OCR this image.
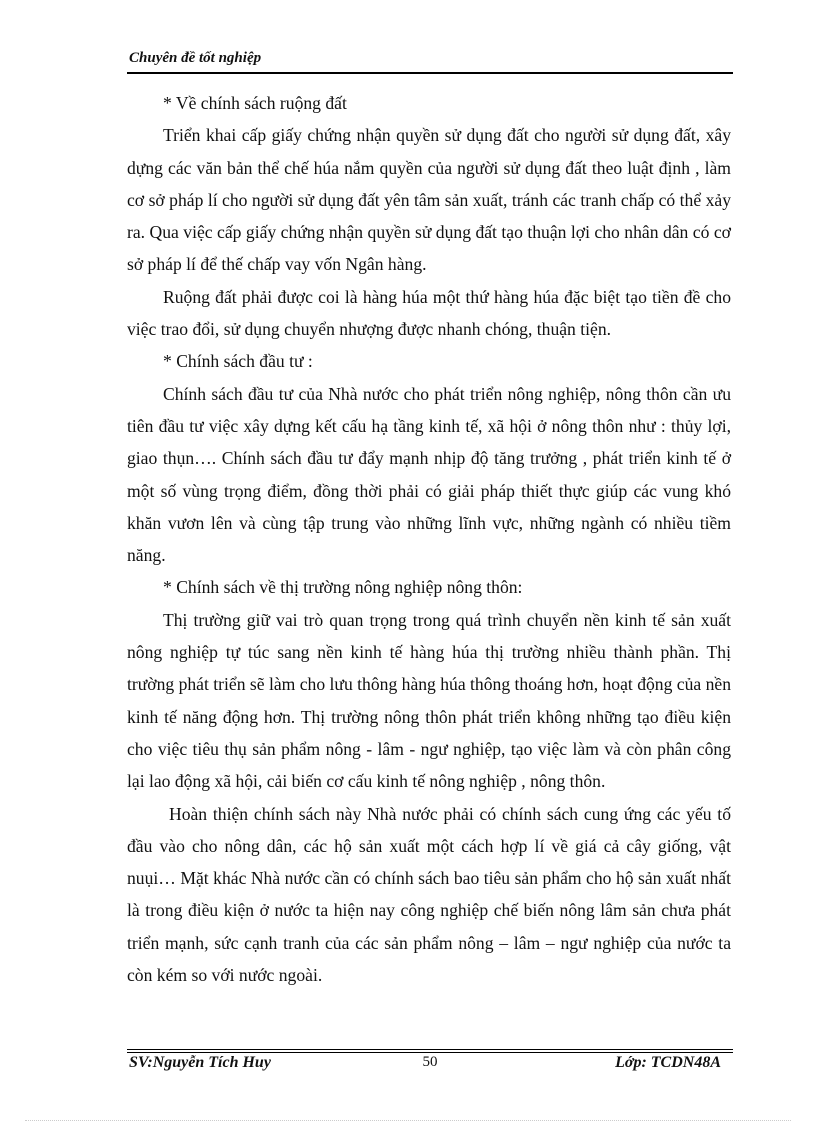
Chuyên đề tốt nghiệp

* Về chính sách ruộng đất

Triển khai cấp giấy chứng nhận quyền sử dụng đất cho người sử dụng đất, xây dựng các văn bản thể chế húa nắm quyền của người sử dụng đất theo luật định , làm cơ sở pháp lí cho người sử dụng đất yên tâm sản xuất, tránh các tranh chấp có thể xảy ra. Qua việc cấp giấy chứng nhận quyền sử dụng đất tạo thuận lợi cho nhân dân có cơ sở pháp lí để thế chấp vay vốn Ngân hàng.

Ruộng đất phải được coi là hàng húa một thứ hàng húa đặc biệt tạo tiền đề cho việc trao đổi, sử dụng chuyển nhượng được nhanh chóng, thuận tiện.

* Chính sách đầu tư :

Chính sách đầu tư của Nhà nước cho phát triển nông nghiệp, nông thôn cần ưu tiên đầu tư việc xây dựng kết cấu hạ tầng kinh tế, xã hội ở nông thôn như : thủy lợi, giao thụn…. Chính sách đầu tư đẩy mạnh nhịp độ tăng trưởng , phát triển kinh tế ở một số vùng trọng điểm, đồng thời phải có giải pháp thiết thực giúp các vung khó khăn vươn lên và cùng tập trung vào những lĩnh vực, những ngành có nhiều tiềm năng.

* Chính sách về thị trường nông nghiệp nông thôn:

Thị trường giữ vai trò quan trọng trong quá trình chuyển nền kinh tế sản xuất nông nghiệp tự túc sang nền kinh tế hàng húa thị trường nhiều thành phần. Thị trường phát triển sẽ làm cho lưu thông hàng húa thông thoáng hơn, hoạt động của nền kinh tế năng động hơn. Thị trường nông thôn phát triển không những tạo điều kiện cho việc tiêu thụ sản phẩm nông - lâm - ngư nghiệp, tạo việc làm và còn phân công lại lao động xã hội, cải biến cơ cấu kinh tế nông nghiệp , nông thôn.

Hoàn thiện chính sách này Nhà nước phải có chính sách cung ứng các yếu tố đầu vào cho nông dân, các hộ sản xuất một cách hợp lí về giá cả cây giống, vật nuụi… Mặt khác Nhà nước cần có chính sách bao tiêu sản phẩm cho hộ sản xuất nhất là trong điều kiện ở nước ta hiện nay công nghiệp chế biến nông lâm sản chưa phát triển mạnh, sức cạnh tranh của các sản phẩm nông – lâm – ngư nghiệp của nước ta còn kém so với nước ngoài.

SV:Nguyễn Tích Huy	50	Lớp: TCDN48A
